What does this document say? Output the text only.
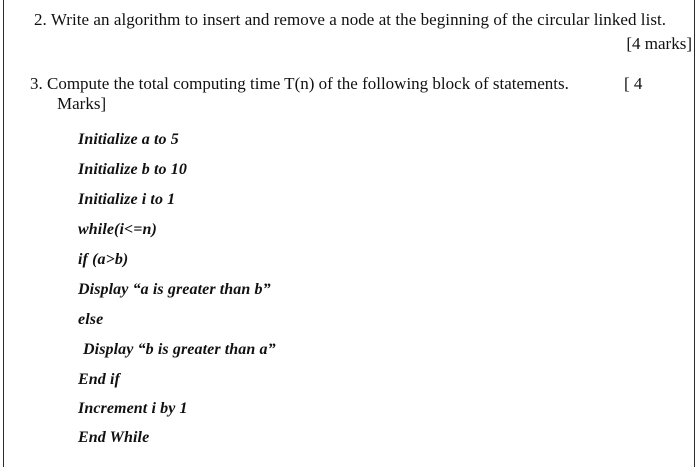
2. Write an algorithm to insert and remove a node at the beginning of the circular linked list.
[4 marks]
3. Compute the total computing time T(n) of the following block of statements.	[ 4
Marks]
Initialize a to 5
Initialize b to 10
Initialize i to 1
while(i<=n)
if (a>b)
Display “a is greater than b”
else
Display “b is greater than a”
End if
Increment i by 1
End While
